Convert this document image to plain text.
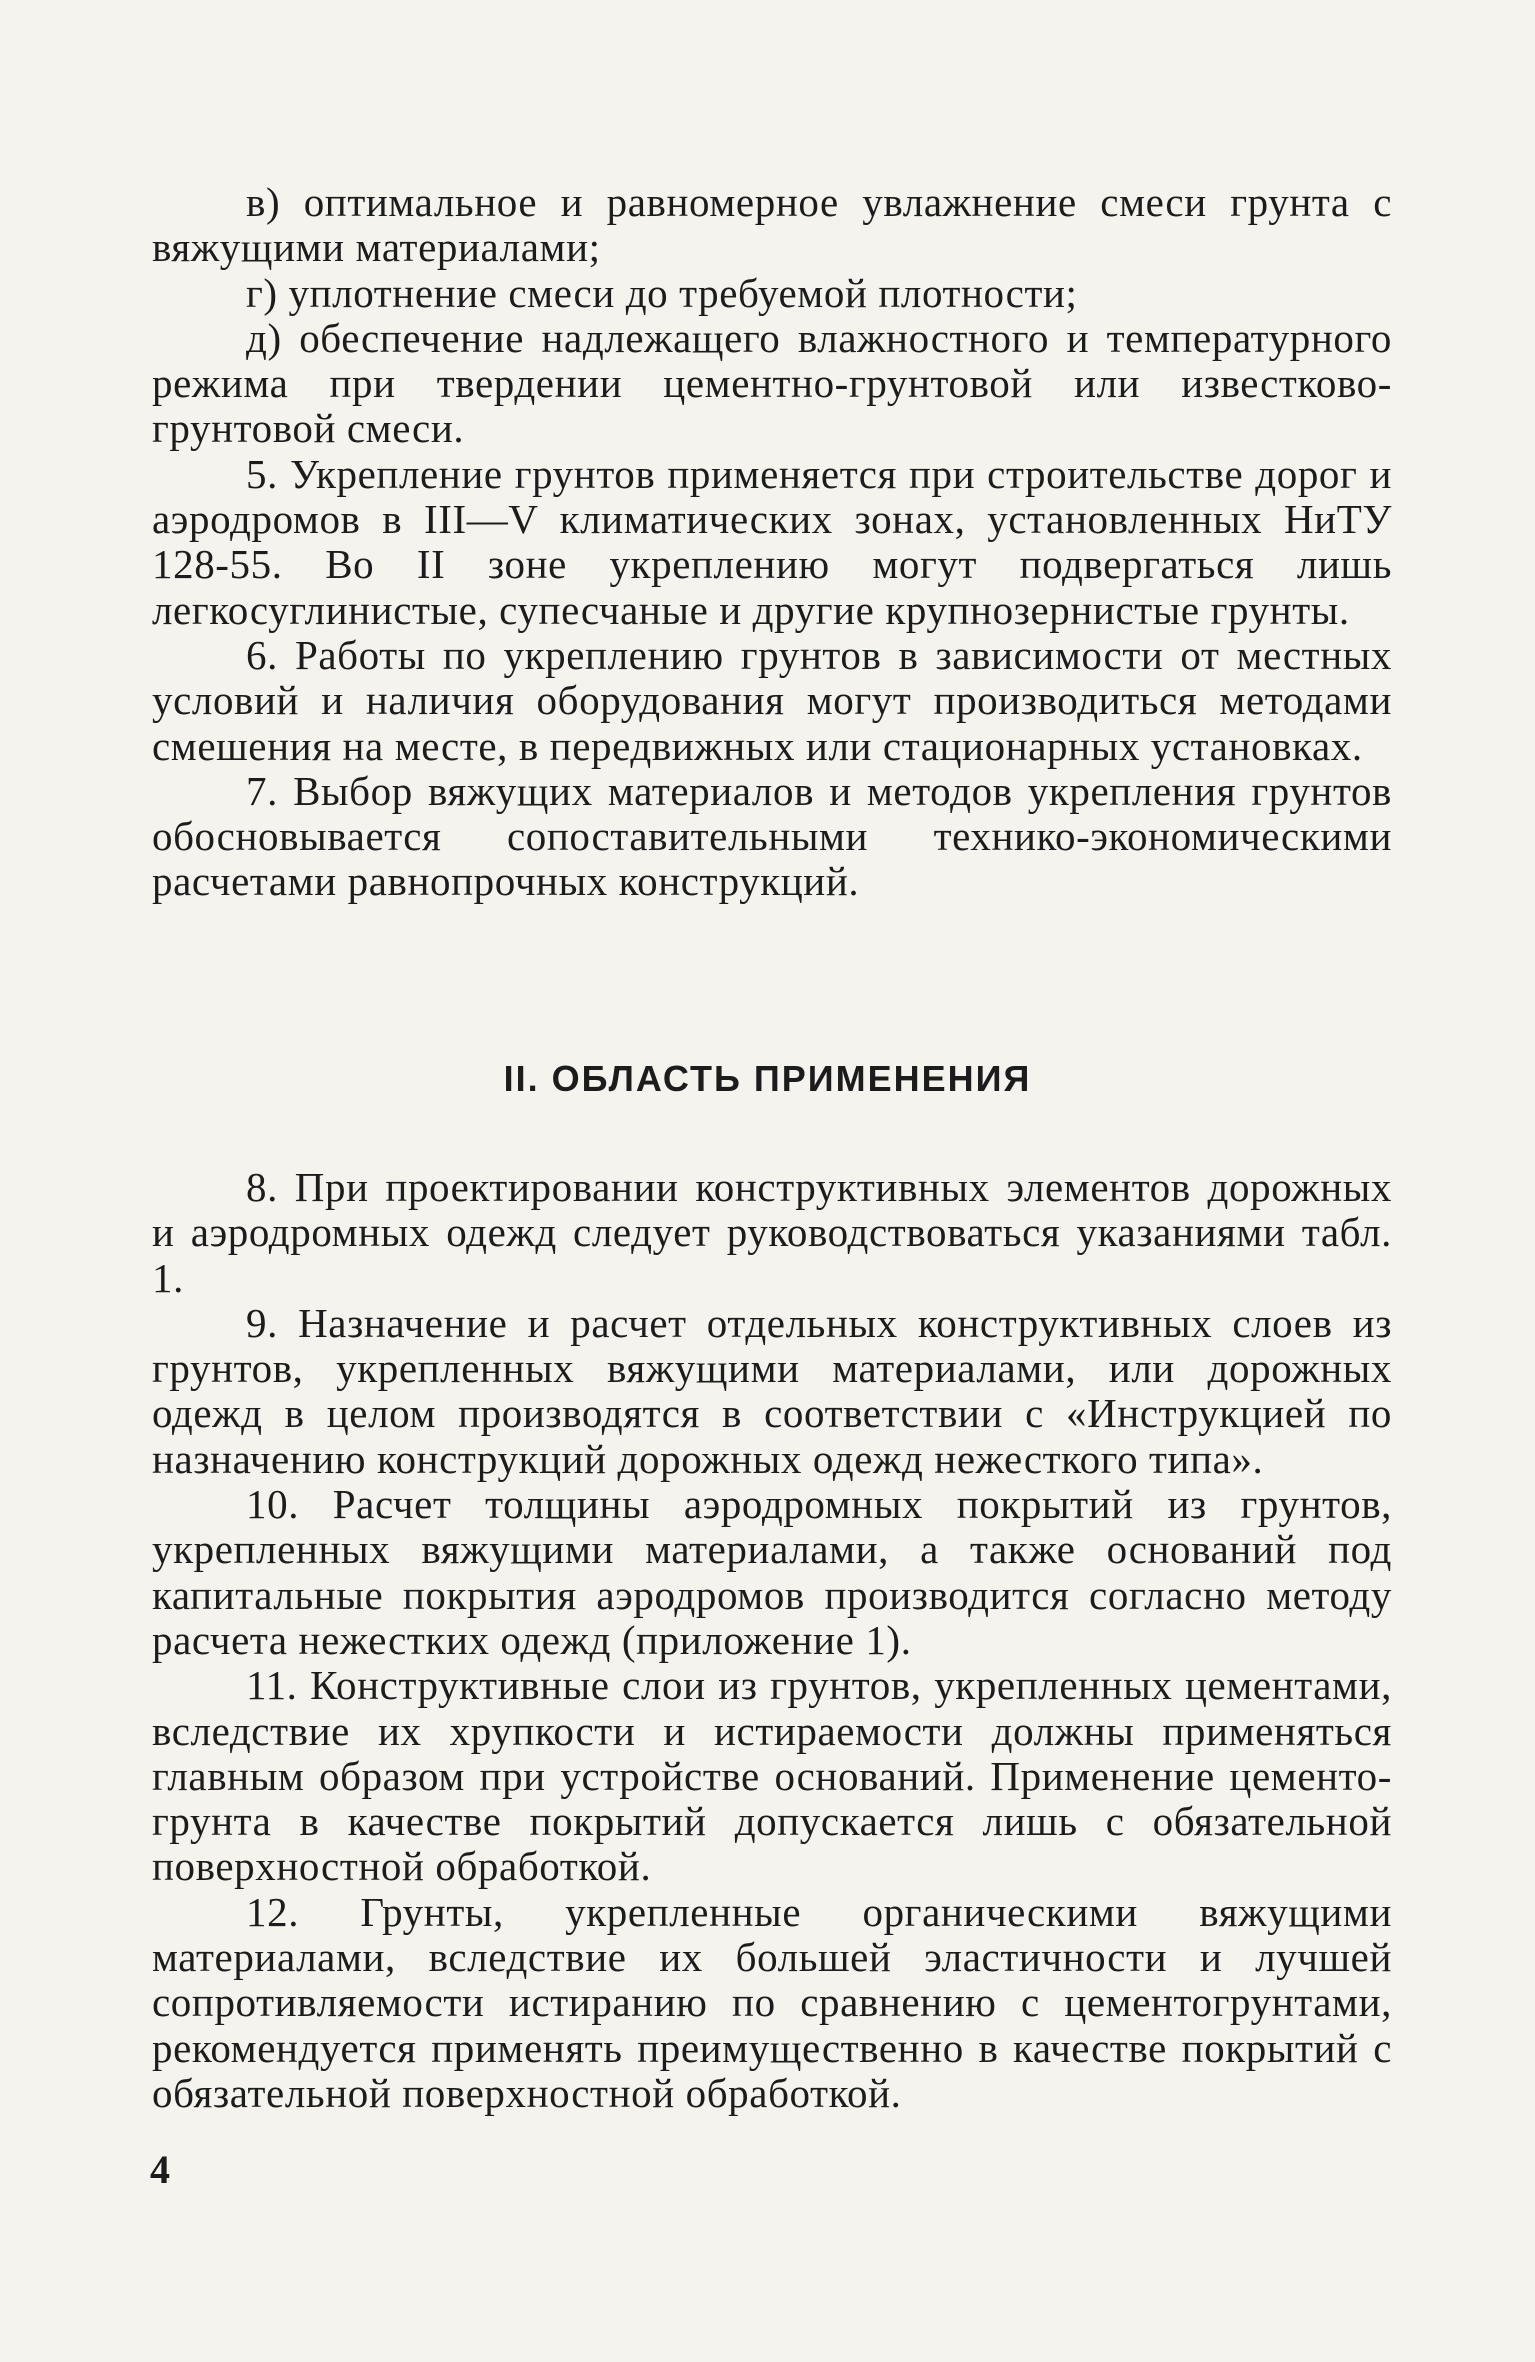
в) оптимальное и равномерное увлажнение смеси грунта с вяжущими материалами;

г) уплотнение смеси до требуемой плотности;

д) обеспечение надлежащего влажностного и температурного режима при твердении цементно-грунтовой или известково-грунтовой смеси.

5. Укрепление грунтов применяется при строительстве дорог и аэродромов в III—V климатических зонах, установленных НиТУ 128-55. Во II зоне укреплению могут подвергаться лишь легкосуглинистые, супесчаные и другие крупнозернистые грунты.

6. Работы по укреплению грунтов в зависимости от местных условий и наличия оборудования могут производиться методами смешения на месте, в передвижных или стационарных установках.

7. Выбор вяжущих материалов и методов укрепления грунтов обосновывается сопоставительными технико-экономическими расчетами равнопрочных конструкций.

II. ОБЛАСТЬ ПРИМЕНЕНИЯ

8. При проектировании конструктивных элементов дорожных и аэродромных одежд следует руководствоваться указаниями табл. 1.

9. Назначение и расчет отдельных конструктивных слоев из грунтов, укрепленных вяжущими материалами, или дорожных одежд в целом производятся в соответствии с «Инструкцией по назначению конструкций дорожных одежд нежесткого типа».

10. Расчет толщины аэродромных покрытий из грунтов, укрепленных вяжущими материалами, а также оснований под капитальные покрытия аэродромов производится согласно методу расчета нежестких одежд (приложение 1).

11. Конструктивные слои из грунтов, укрепленных цементами, вследствие их хрупкости и истираемости должны применяться главным образом при устройстве оснований. Применение цементо-грунта в качестве покрытий допускается лишь с обязательной поверхностной обработкой.

12. Грунты, укрепленные органическими вяжущими материалами, вследствие их большей эластичности и лучшей сопротивляемости истиранию по сравнению с цементогрунтами, рекомендуется применять преимущественно в качестве покрытий с обязательной поверхностной обработкой.

4
